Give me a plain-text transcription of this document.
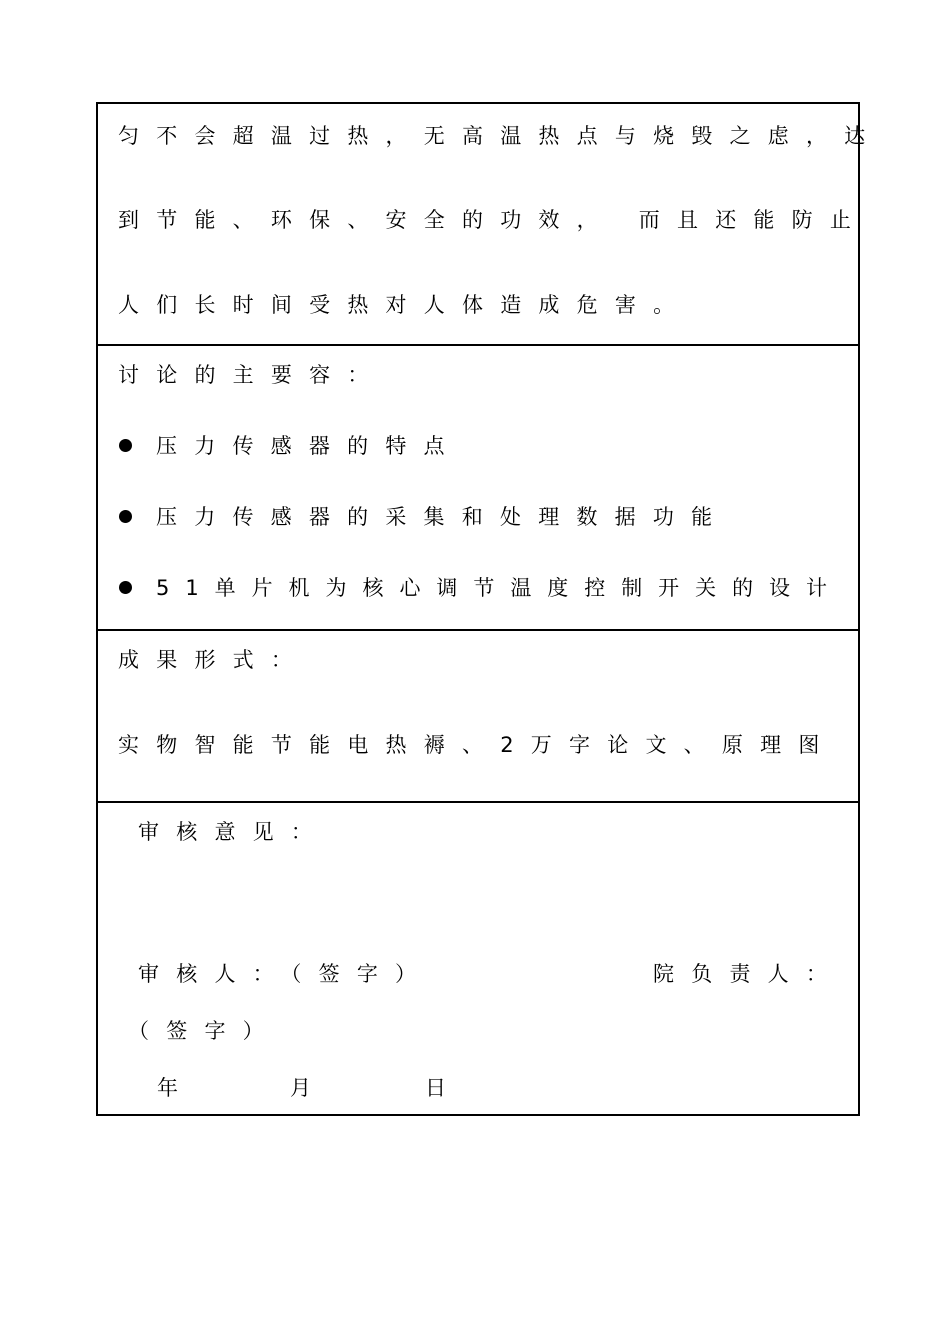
匀不会超温过热，无高温热点与烧毁之虑，达
到节能、环保、安全的功效， 而且还能防止
人们长时间受热对人体造成危害。
讨论的主要容：
压力传感器的特点
压力传感器的采集和处理数据功能
51单片机为核心调节温度控制开关的设计
成果形式：
实物智能节能电热褥、2万字论文、原理图
审核意见：
审核人：（签字）	院负责人：
（签字）
年	月	日
